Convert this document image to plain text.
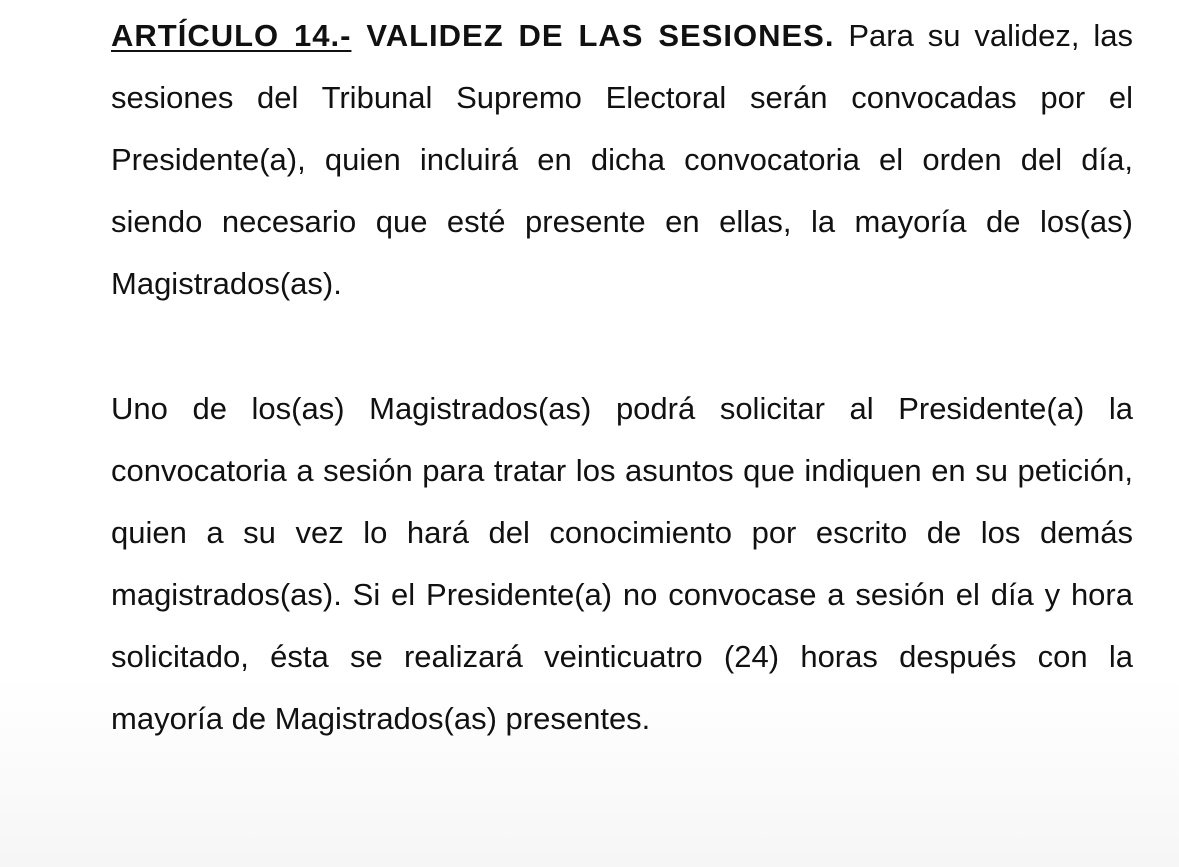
ARTÍCULO 14.- VALIDEZ DE LAS SESIONES. Para su validez, las sesiones del Tribunal Supremo Electoral serán convocadas por el Presidente(a), quien incluirá en dicha convocatoria el orden del día, siendo necesario que esté presente en ellas, la mayoría de los(as) Magistrados(as).

Uno de los(as) Magistrados(as) podrá solicitar al Presidente(a) la convocatoria a sesión para tratar los asuntos que indiquen en su petición, quien a su vez lo hará del conocimiento por escrito de los demás magistrados(as). Si el Presidente(a) no convocase a sesión el día y hora solicitado, ésta se realizará veinticuatro (24) horas después con la mayoría de Magistrados(as) presentes.
